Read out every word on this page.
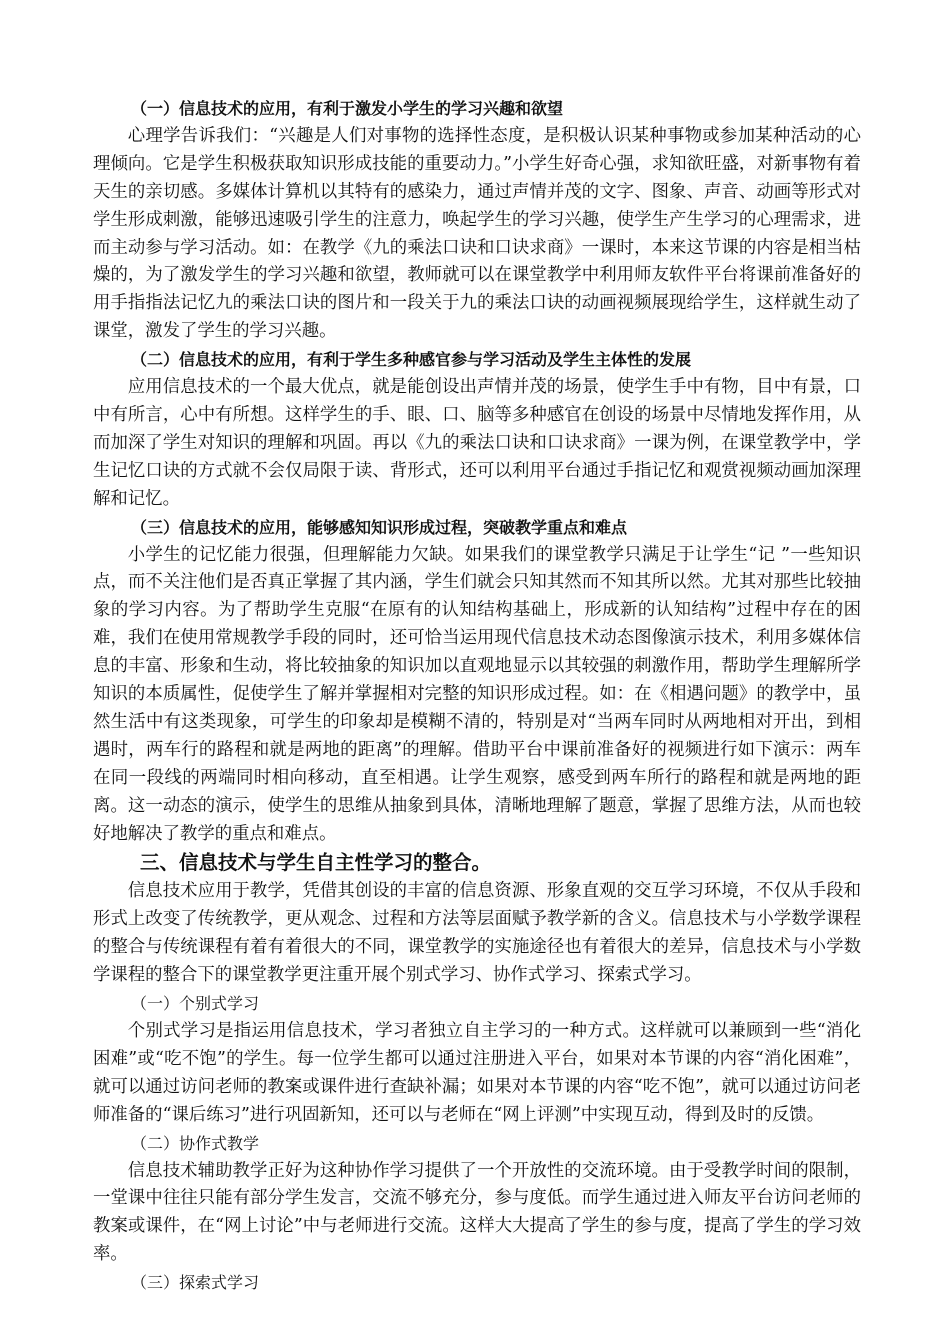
（一）信息技术的应用，有利于激发小学生的学习兴趣和欲望

心理学告诉我们：“兴趣是人们对事物的选择性态度，是积极认识某种事物或参加某种活动的心理倾向。它是学生积极获取知识形成技能的重要动力。”小学生好奇心强，求知欲旺盛，对新事物有着天生的亲切感。多媒体计算机以其特有的感染力，通过声情并茂的文字、图象、声音、动画等形式对学生形成刺激，能够迅速吸引学生的注意力，唤起学生的学习兴趣，使学生产生学习的心理需求，进而主动参与学习活动。如：在教学《九的乘法口诀和口诀求商》一课时，本来这节课的内容是相当枯燥的，为了激发学生的学习兴趣和欲望，教师就可以在课堂教学中利用师友软件平台将课前准备好的用手指指法记忆九的乘法口诀的图片和一段关于九的乘法口诀的动画视频展现给学生，这样就生动了课堂，激发了学生的学习兴趣。

（二）信息技术的应用，有利于学生多种感官参与学习活动及学生主体性的发展

应用信息技术的一个最大优点，就是能创设出声情并茂的场景，使学生手中有物，目中有景，口中有所言，心中有所想。这样学生的手、眼、口、脑等多种感官在创设的场景中尽情地发挥作用，从而加深了学生对知识的理解和巩固。再以《九的乘法口诀和口诀求商》一课为例，在课堂教学中，学生记忆口诀的方式就不会仅局限于读、背形式，还可以利用平台通过手指记忆和观赏视频动画加深理解和记忆。

（三）信息技术的应用，能够感知知识形成过程，突破教学重点和难点

小学生的记忆能力很强，但理解能力欠缺。如果我们的课堂教学只满足于让学生“记 ”一些知识点，而不关注他们是否真正掌握了其内涵，学生们就会只知其然而不知其所以然。尤其对那些比较抽象的学习内容。为了帮助学生克服“在原有的认知结构基础上，形成新的认知结构”过程中存在的困难，我们在使用常规教学手段的同时，还可恰当运用现代信息技术动态图像演示技术，利用多媒体信息的丰富、形象和生动，将比较抽象的知识加以直观地显示以其较强的刺激作用，帮助学生理解所学知识的本质属性，促使学生了解并掌握相对完整的知识形成过程。如：在《相遇问题》的教学中，虽然生活中有这类现象，可学生的印象却是模糊不清的，特别是对“当两车同时从两地相对开出，到相遇时，两车行的路程和就是两地的距离”的理解。借助平台中课前准备好的视频进行如下演示：两车在同一段线的两端同时相向移动，直至相遇。让学生观察，感受到两车所行的路程和就是两地的距离。这一动态的演示，使学生的思维从抽象到具体，清晰地理解了题意，掌握了思维方法，从而也较好地解决了教学的重点和难点。

三、信息技术与学生自主性学习的整合。

信息技术应用于教学，凭借其创设的丰富的信息资源、形象直观的交互学习环境，不仅从手段和形式上改变了传统教学，更从观念、过程和方法等层面赋予教学新的含义。信息技术与小学数学课程的整合与传统课程有着有着很大的不同，课堂教学的实施途径也有着很大的差异，信息技术与小学数学课程的整合下的课堂教学更注重开展个别式学习、协作式学习、探索式学习。

（一）个别式学习

个别式学习是指运用信息技术，学习者独立自主学习的一种方式。这样就可以兼顾到一些“消化困难”或“吃不饱”的学生。每一位学生都可以通过注册进入平台，如果对本节课的内容“消化困难”，就可以通过访问老师的教案或课件进行查缺补漏；如果对本节课的内容“吃不饱”，就可以通过访问老师准备的“课后练习”进行巩固新知，还可以与老师在“网上评测”中实现互动，得到及时的反馈。

（二）协作式教学

信息技术辅助教学正好为这种协作学习提供了一个开放性的交流环境。由于受教学时间的限制，一堂课中往往只能有部分学生发言，交流不够充分，参与度低。而学生通过进入师友平台访问老师的教案或课件，在“网上讨论”中与老师进行交流。这样大大提高了学生的参与度，提高了学生的学习效率。

（三）探索式学习
